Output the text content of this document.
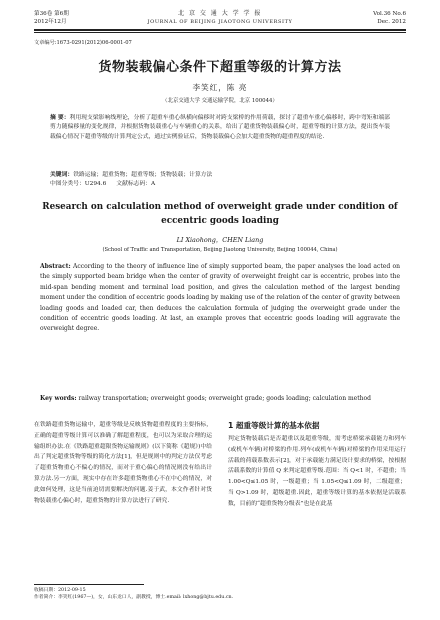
第36卷 第6期
2012年12月
北 京 交 通 大 学 学 报
JOURNAL OF BEIJING JIAOTONG UNIVERSITY
Vol.36 No.6
Dec. 2012
文章编号:1673-0291(2012)06-0001-07
货物装载偏心条件下超重等级的计算方法
李笑红，陈 亮
（北京交通大学 交通运输学院，北京 100044）
摘 要：利用现支梁影响线理论，分析了超重车重心纵横向偏移时对跨支梁桥的作用荷载，探讨了超重车重心偏移时，跨中弯矩和端部剪力随偏移量的变化规律，并根据货物装载重心与车辆重心的关系，给出了超重货物装载偏心时，超重等级的计算方法，提出货车装载偏心情况下超重等级的计算判定公式，通过实例验证后，货物装载偏心会加大超重货物的超重程度的结论.
关键词：铁路运输；超重货物；超重等级；货物装载；计算方法
中图分类号：U294.6 文献标志码：A
Research on calculation method of overweight grade under condition of eccentric goods loading
LI Xiaohong，CHEN Liang
(School of Traffic and Transportation, Beijing Jiaotong University, Beijing 100044, China)
Abstract: According to the theory of influence line of simply supported beam, the paper analyses the load acted on the simply supported beam bridge when the center of gravity of overweight freight car is eccentric, probes into the mid-span bending moment and terminal load position, and gives the calculation method of the largest bending moment under the condition of eccentric goods loading by making use of the relation of the center of gravity between loading goods and loaded car, then deduces the calculation formula of judging the overweight grade under the condition of eccentric goods loading. At last, an example proves that eccentric goods loading will aggravate the overweight degree.
Key words: railway transportation; overweight goods; overweight grade; goods loading; calculation method
在铁路超重货物运输中，超重等级是反映货物超重程度的主要指标，正确的超重等级计算可以准确了解超重程度，也可以为采取合理的运输组织办法.在《铁路超重超限货物运输规则》(以下简称《超规》)中给出了判定超重货物等级的简化方法[1]，但是规则中的判定方法仅考虑了超重货物重心不偏心的情况，而对于重心偏心的情况则没有给出计算方法.另一方面，现实中存在许多超重货物重心不在中心的情况，对此如何处理，这是当前迫切需要解决的问题.姜于武，本文作者针对货物装载重心偏心时，超重货物的计算方法进行了研究.
1 超重等级计算的基本依据
判定货物装载后是否超重以及超重等级，需考虑桥梁承载能力和列车(或机车车辆)对桥梁的作用.列车(或机车车辆)对桥梁的作用采用运行活载的荷载系数表示[2]，对于承载能力满足设计要求的桥梁，按根据活载系数的计算值 Q 来判定超重等级.范围：当 Q<1 时，不超重；当 1.00<Q≤1.05 时，一级超重；当 1.05<Q≤1.09 时，二级超重；当 Q>1.09 时，超级超重.因此，超重等级计算的基本依据是活载系数，目前的“超重货物分级表”也是在此基
收稿日期：2012-09-15
作者简介：李笑红(1967—)，女，山东龙口人，副教授，博士.email: lxhong@bjtu.edu.cn.
